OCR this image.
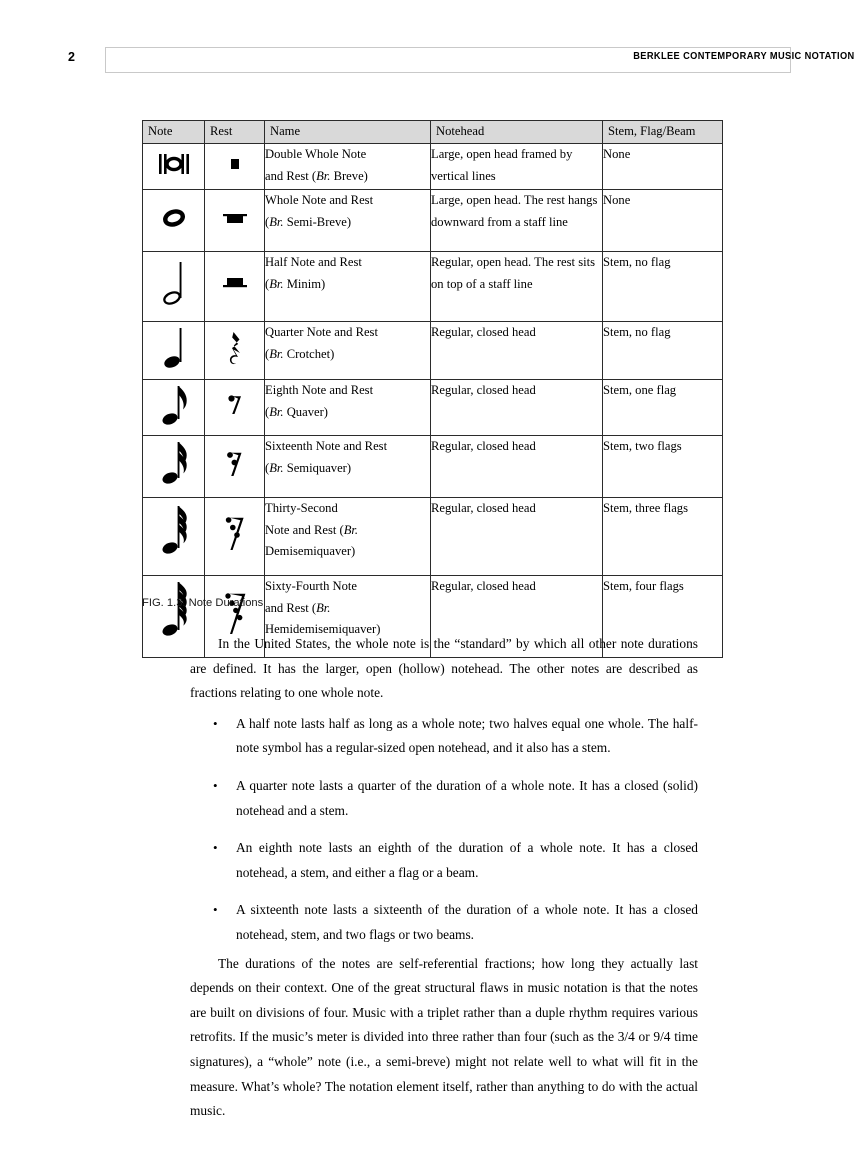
2	BERKLEE CONTEMPORARY MUSIC NOTATION
Note	Rest	Name	Notehead	Stem, Flag/Beam
		Double Whole Note
and Rest (Br. Breve)	Large, open head framed by vertical lines	None
		Whole Note and Rest
(Br. Semi-Breve)	Large, open head. The rest hangs downward from a staff line	None
		Half Note and Rest
(Br. Minim)	Regular, open head. The rest sits on top of a staff line	Stem, no flag
		Quarter Note and Rest
(Br. Crotchet)	Regular, closed head	Stem, no flag
		Eighth Note and Rest
(Br. Quaver)	Regular, closed head	Stem, one flag
		Sixteenth Note and Rest
(Br. Semiquaver)	Regular, closed head	Stem, two flags
		Thirty-Second
Note and Rest (Br.
Demisemiquaver)	Regular, closed head	Stem, three flags
		Sixty-Fourth Note
and Rest (Br.
Hemidemisemiquaver)	Regular, closed head	Stem, four flags
FIG. 1.3. Note Durations

In the United States, the whole note is the “standard” by which all other note durations are defined. It has the larger, open (hollow) notehead. The other notes are described as fractions relating to one whole note.

• A half note lasts half as long as a whole note; two halves equal one whole. The half-note symbol has a regular-sized open notehead, and it also has a stem.
• A quarter note lasts a quarter of the duration of a whole note. It has a closed (solid) notehead and a stem.
• An eighth note lasts an eighth of the duration of a whole note. It has a closed notehead, a stem, and either a flag or a beam.
• A sixteenth note lasts a sixteenth of the duration of a whole note. It has a closed notehead, stem, and two flags or two beams.

The durations of the notes are self-referential fractions; how long they actually last depends on their context. One of the great structural flaws in music notation is that the notes are built on divisions of four. Music with a triplet rather than a duple rhythm requires various retrofits. If the music’s meter is divided into three rather than four (such as the 3/4 or 9/4 time signatures), a “whole” note (i.e., a semi-breve) might not relate well to what will fit in the measure. What’s whole? The notation element itself, rather than anything to do with the actual music.
